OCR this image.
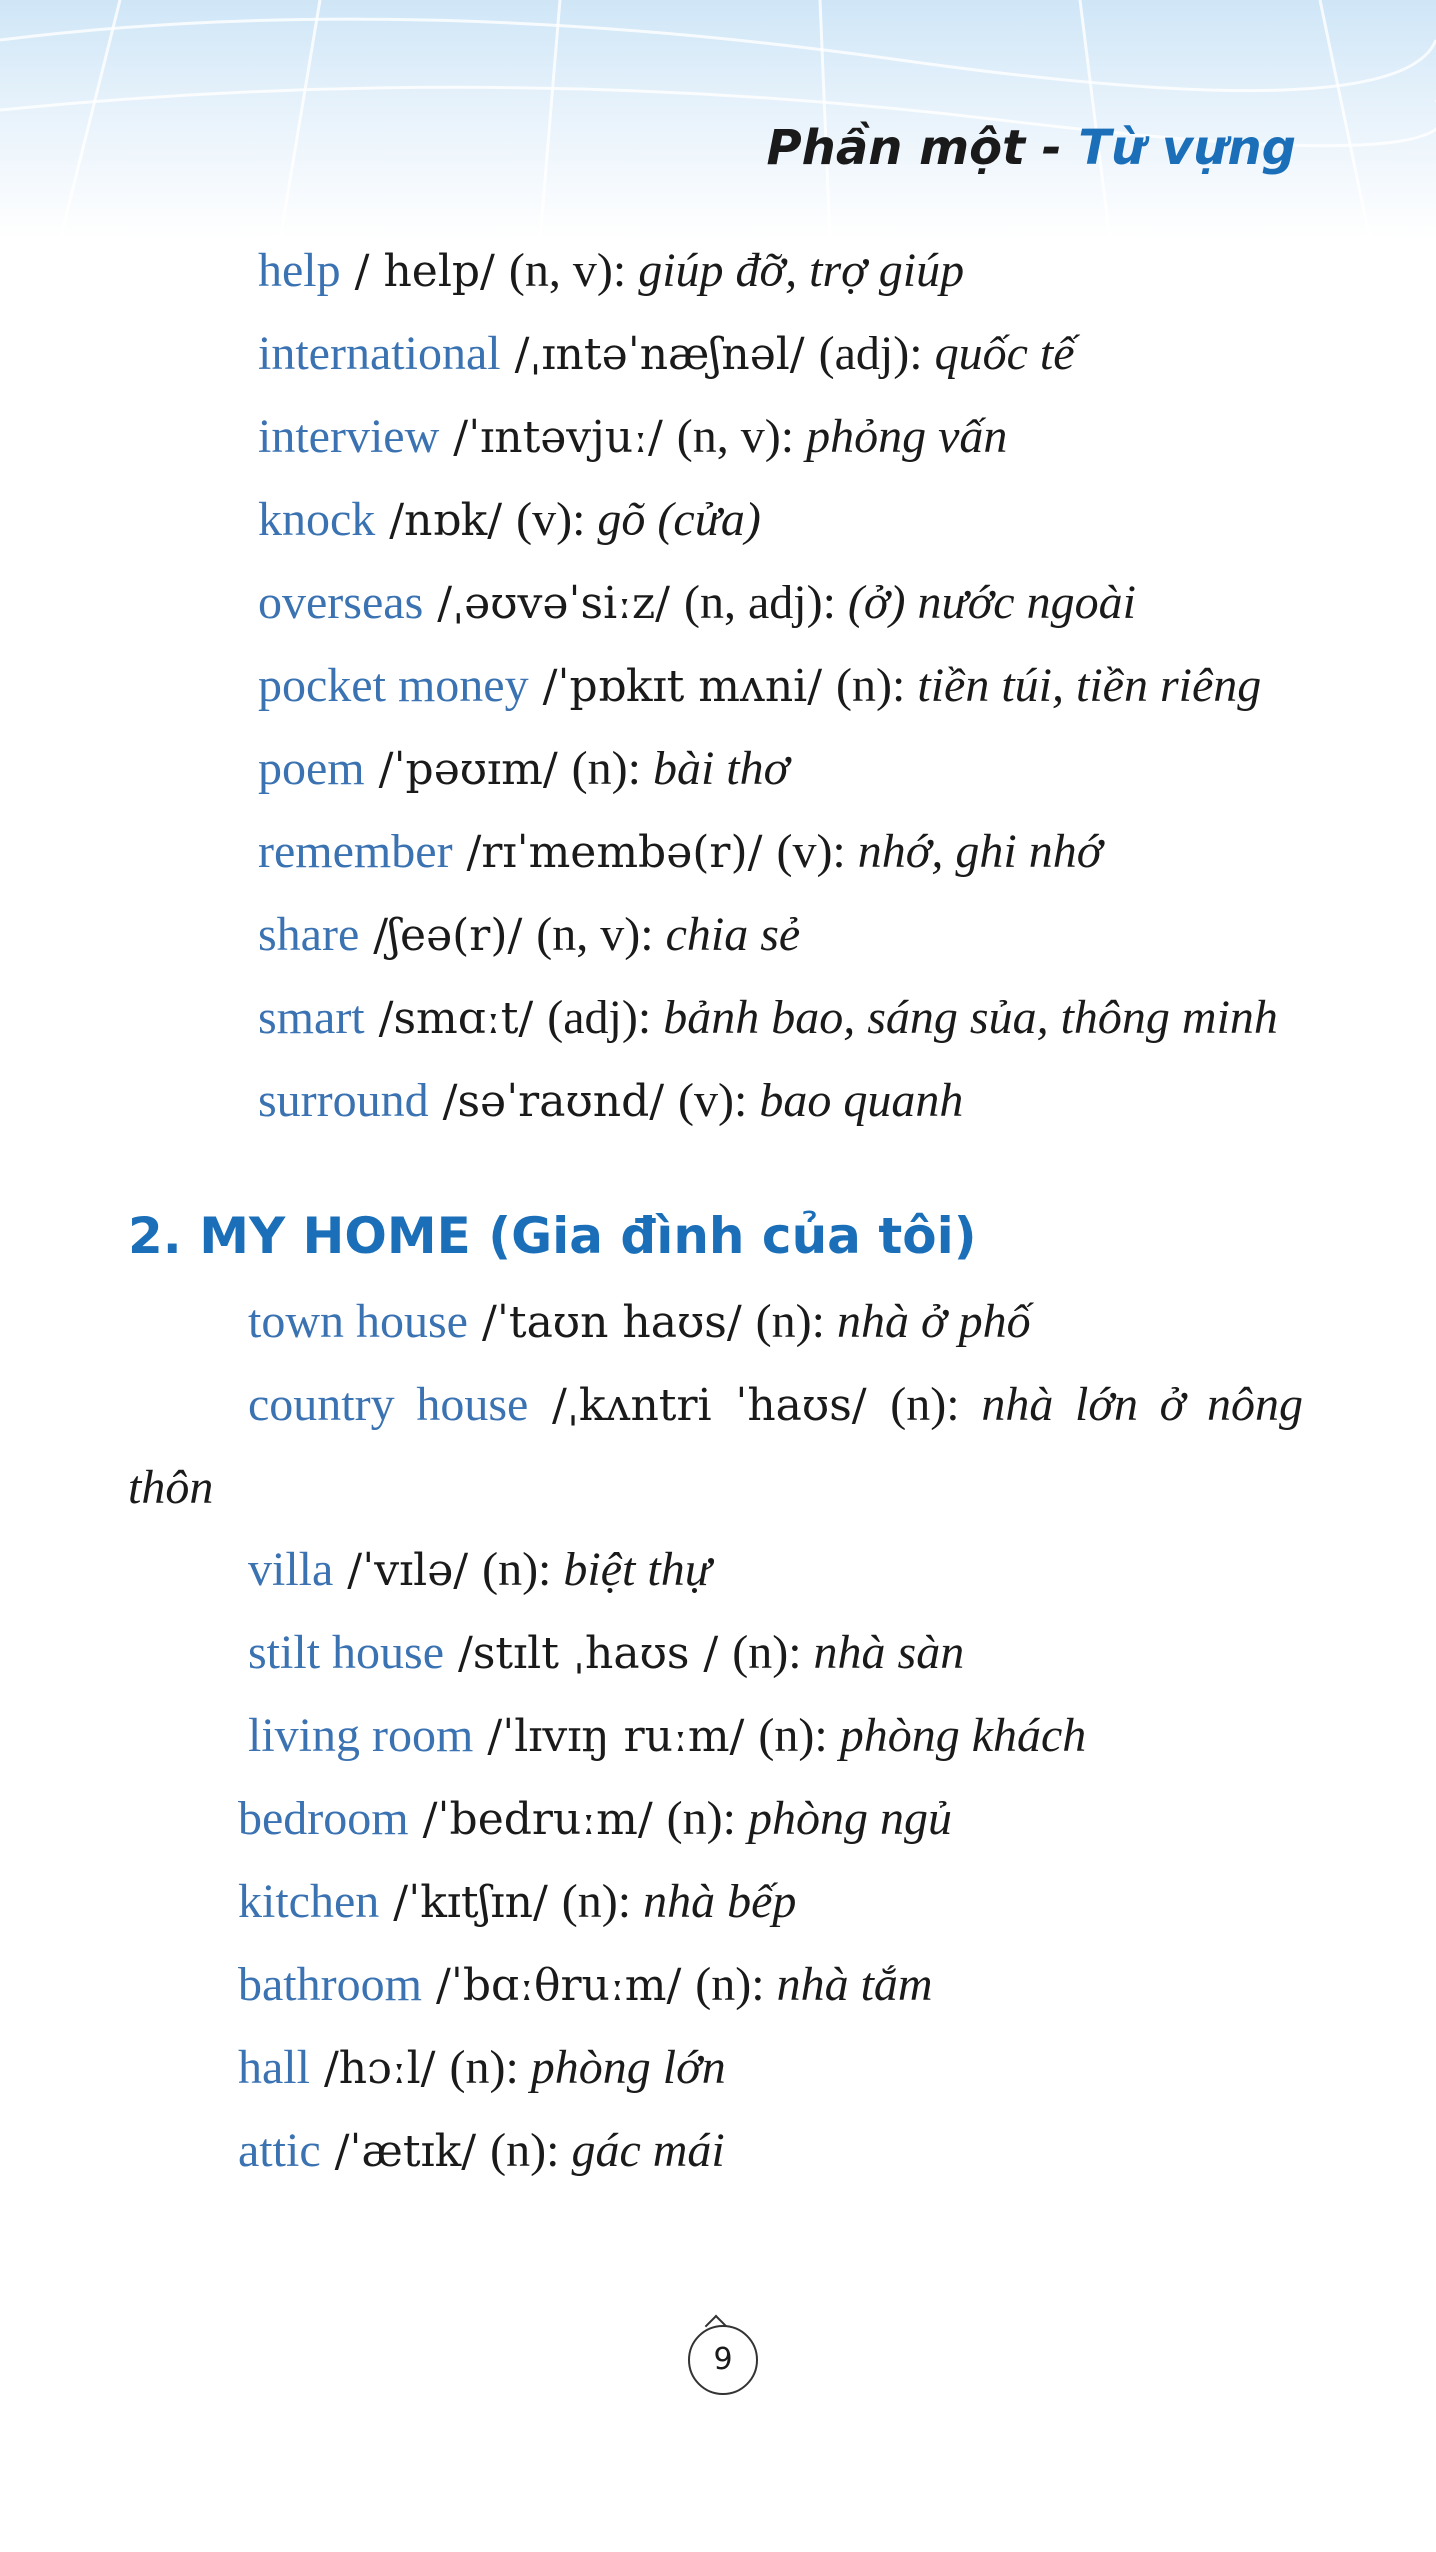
Phần một - Từ vựng

help / help/ (n, v): giúp đỡ, trợ giúp

international /ˌɪntəˈnæʃnəl/ (adj): quốc tế

interview /ˈɪntəvjuː/ (n, v): phỏng vấn

knock /nɒk/ (v): gõ (cửa)

overseas /ˌəʊvəˈsiːz/ (n, adj): (ở) nước ngoài

pocket money /ˈpɒkɪt mʌni/ (n): tiền túi, tiền riêng

poem /ˈpəʊɪm/ (n): bài thơ

remember /rɪˈmembə(r)/ (v): nhớ, ghi nhớ

share /ʃeə(r)/ (n, v): chia sẻ

smart /smɑːt/ (adj): bảnh bao, sáng sủa, thông minh

surround /səˈraʊnd/ (v): bao quanh

2. MY HOME (Gia đình của tôi)

town house /ˈtaʊn haʊs/ (n): nhà ở phố

country house /ˌkʌntri ˈhaʊs/ (n): nhà lớn ở nông thôn

villa /ˈvɪlə/ (n): biệt thự

stilt house /stɪlt ˌhaʊs / (n): nhà sàn

living room /ˈlɪvɪŋ ruːm/ (n): phòng khách

bedroom /ˈbedruːm/ (n): phòng ngủ

kitchen /ˈkɪtʃɪn/ (n): nhà bếp

bathroom /ˈbɑːθruːm/ (n): nhà tắm

hall /hɔːl/ (n): phòng lớn

attic /ˈætɪk/ (n): gác mái

9
